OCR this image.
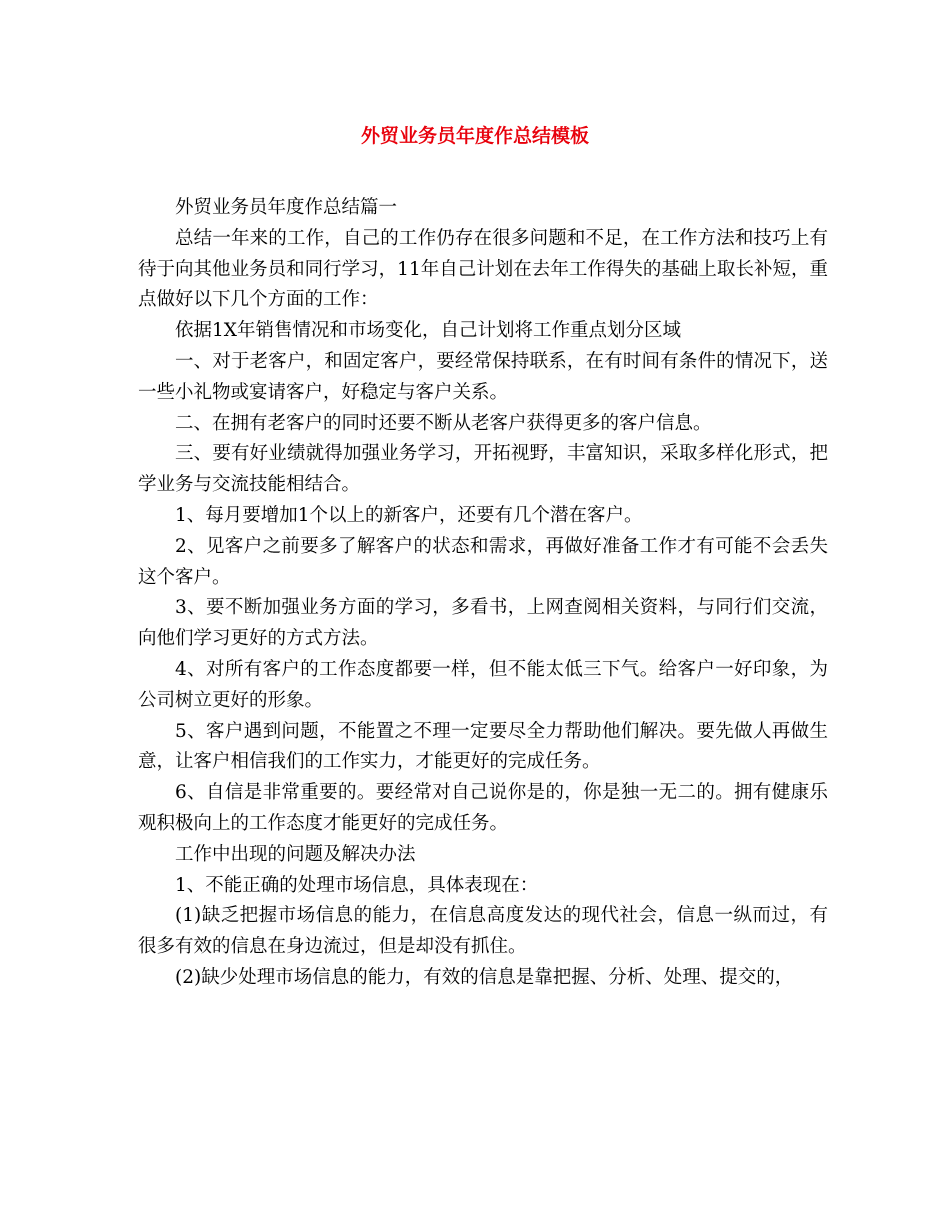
外贸业务员年度作总结模板

外贸业务员年度作总结篇一

总结一年来的工作，自己的工作仍存在很多问题和不足，在工作方法和技巧上有待于向其他业务员和同行学习，11年自己计划在去年工作得失的基础上取长补短，重点做好以下几个方面的工作：

依据1X年销售情况和市场变化，自己计划将工作重点划分区域

一、对于老客户，和固定客户，要经常保持联系，在有时间有条件的情况下，送一些小礼物或宴请客户，好稳定与客户关系。

二、在拥有老客户的同时还要不断从老客户获得更多的客户信息。

三、要有好业绩就得加强业务学习，开拓视野，丰富知识，采取多样化形式，把学业务与交流技能相结合。

1、每月要增加1个以上的新客户，还要有几个潜在客户。

2、见客户之前要多了解客户的状态和需求，再做好准备工作才有可能不会丢失这个客户。

3、要不断加强业务方面的学习，多看书，上网查阅相关资料，与同行们交流，向他们学习更好的方式方法。

4、对所有客户的工作态度都要一样，但不能太低三下气。给客户一好印象，为公司树立更好的形象。

5、客户遇到问题，不能置之不理一定要尽全力帮助他们解决。要先做人再做生意，让客户相信我们的工作实力，才能更好的完成任务。

6、自信是非常重要的。要经常对自己说你是的，你是独一无二的。拥有健康乐观积极向上的工作态度才能更好的完成任务。

工作中出现的问题及解决办法

1、不能正确的处理市场信息，具体表现在：

(1)缺乏把握市场信息的能力，在信息高度发达的现代社会，信息一纵而过，有很多有效的信息在身边流过，但是却没有抓住。

(2)缺少处理市场信息的能力，有效的信息是靠把握、分析、处理、提交的，
